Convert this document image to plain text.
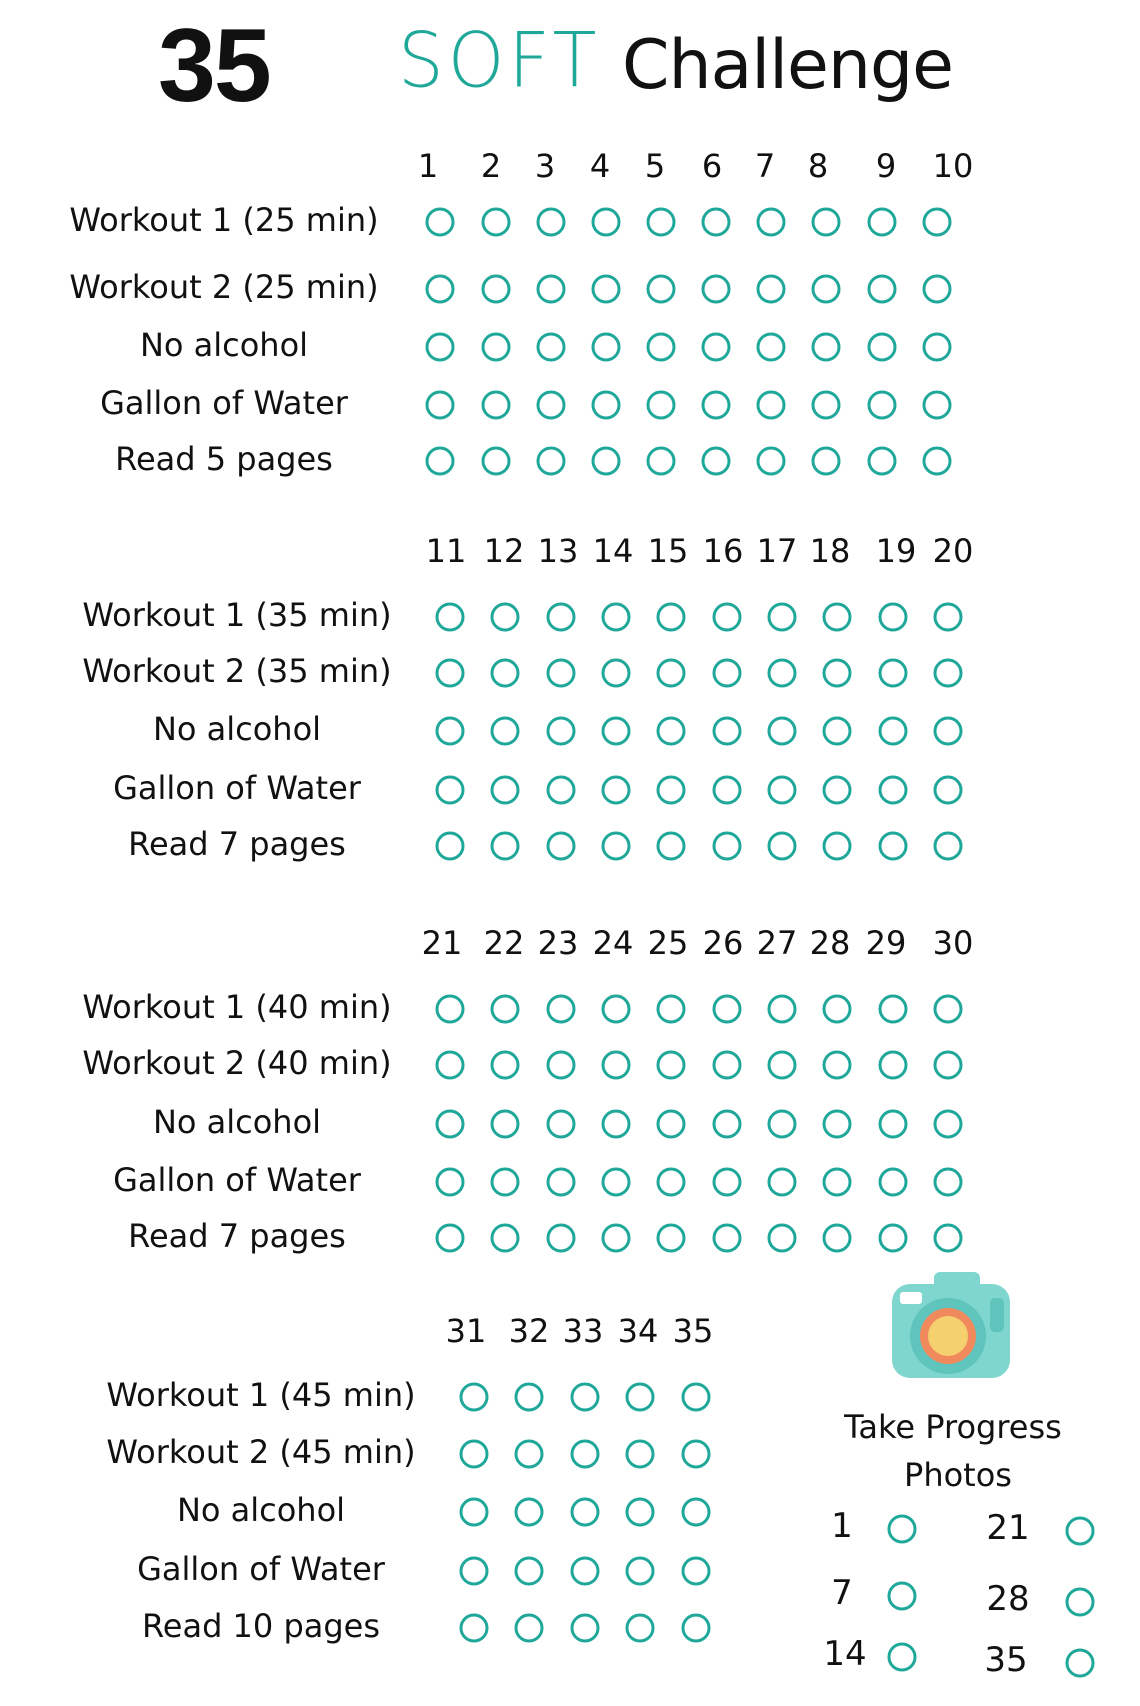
35 SOFT Challenge
1 2 3 4 5 6 7 8 9 10
Workout 1 (25 min)
Workout 2 (25 min)
No alcohol
Gallon of Water
Read 5 pages
11 12 13 14 15 16 17 18 19 20
Workout 1 (35 min)
Workout 2 (35 min)
No alcohol
Gallon of Water
Read 7 pages
21 22 23 24 25 26 27 28 29 30
Workout 1 (40 min)
Workout 2 (40 min)
No alcohol
Gallon of Water
Read 7 pages
31 32 33 34 35
Workout 1 (45 min)
Workout 2 (45 min)
No alcohol
Gallon of Water
Read 10 pages
Take Progress
Photos
1
7
14
21
28
35
